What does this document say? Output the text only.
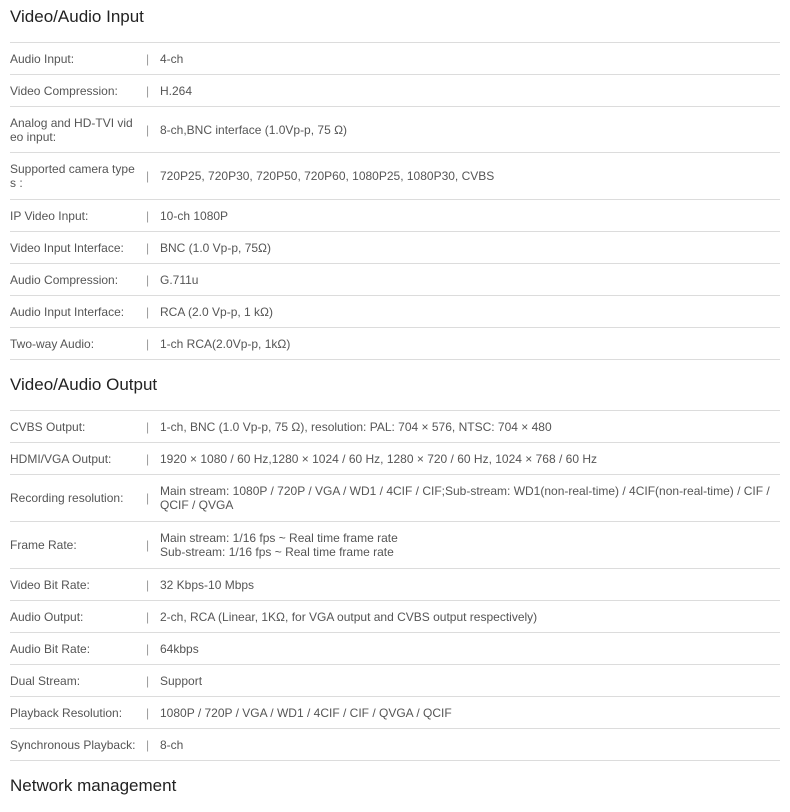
Video/Audio Input
Audio Input:	| 4-ch
Video Compression:	| H.264
Analog and HD-TVI video input:	| 8-ch,BNC interface (1.0Vp-p, 75 Ω)
Supported camera types :	| 720P25, 720P30, 720P50, 720P60, 1080P25, 1080P30, CVBS
IP Video Input:	| 10-ch 1080P
Video Input Interface:	| BNC (1.0 Vp-p, 75Ω)
Audio Compression:	| G.711u
Audio Input Interface:	| RCA (2.0 Vp-p, 1 kΩ)
Two-way Audio:	| 1-ch RCA(2.0Vp-p, 1kΩ)
Video/Audio Output
CVBS Output:	| 1-ch, BNC (1.0 Vp-p, 75 Ω), resolution: PAL: 704 × 576, NTSC: 704 × 480
HDMI/VGA Output:	| 1920 × 1080 / 60 Hz,1280 × 1024 / 60 Hz, 1280 × 720 / 60 Hz, 1024 × 768 / 60 Hz
Recording resolution:	| Main stream: 1080P / 720P / VGA / WD1 / 4CIF / CIF;Sub-stream: WD1(non-real-time) / 4CIF(non-real-time) / CIF / QCIF / QVGA
Frame Rate:	| Main stream: 1/16 fps ~ Real time frame rate
Sub-stream: 1/16 fps ~ Real time frame rate
Video Bit Rate:	| 32 Kbps-10 Mbps
Audio Output:	| 2-ch, RCA (Linear, 1KΩ, for VGA output and CVBS output respectively)
Audio Bit Rate:	| 64kbps
Dual Stream:	| Support
Playback Resolution:	| 1080P / 720P / VGA / WD1 / 4CIF / CIF / QVGA / QCIF
Synchronous Playback: | 8-ch
Network management
